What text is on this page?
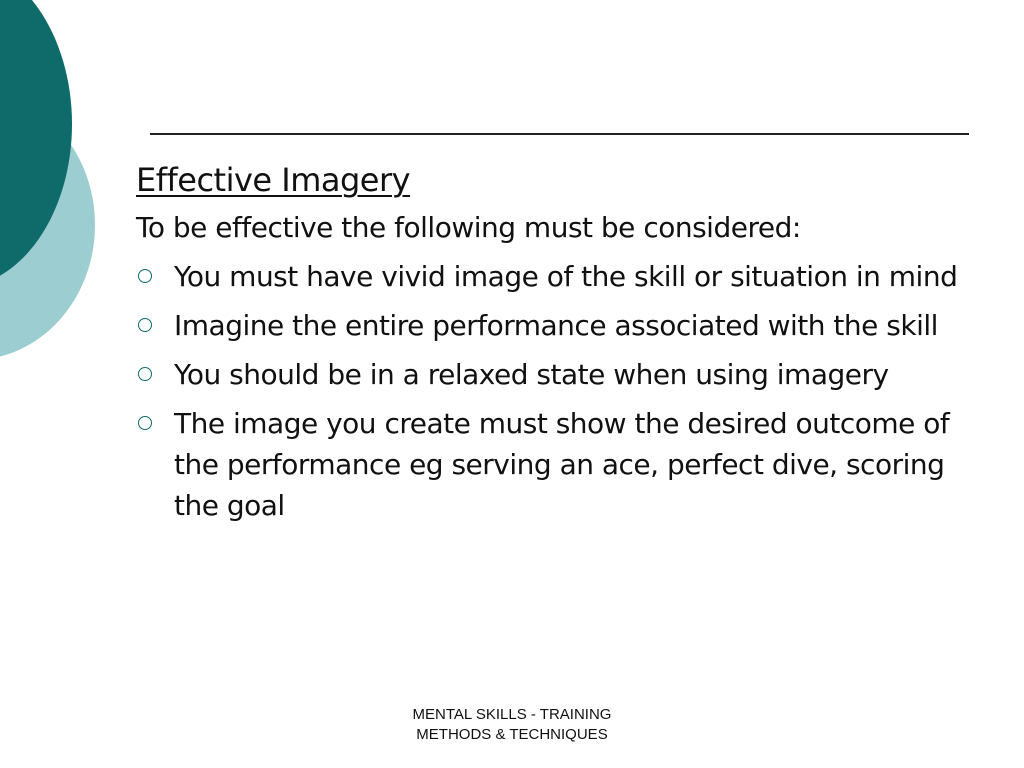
Effective Imagery

To be effective the following must be considered:

You must have vivid image of the skill or situation in mind
Imagine the entire performance associated with the skill
You should be in a relaxed state when using imagery
The image you create must show the desired outcome of the performance eg serving an ace, perfect dive, scoring the goal
MENTAL SKILLS - TRAINING
METHODS & TECHNIQUES
